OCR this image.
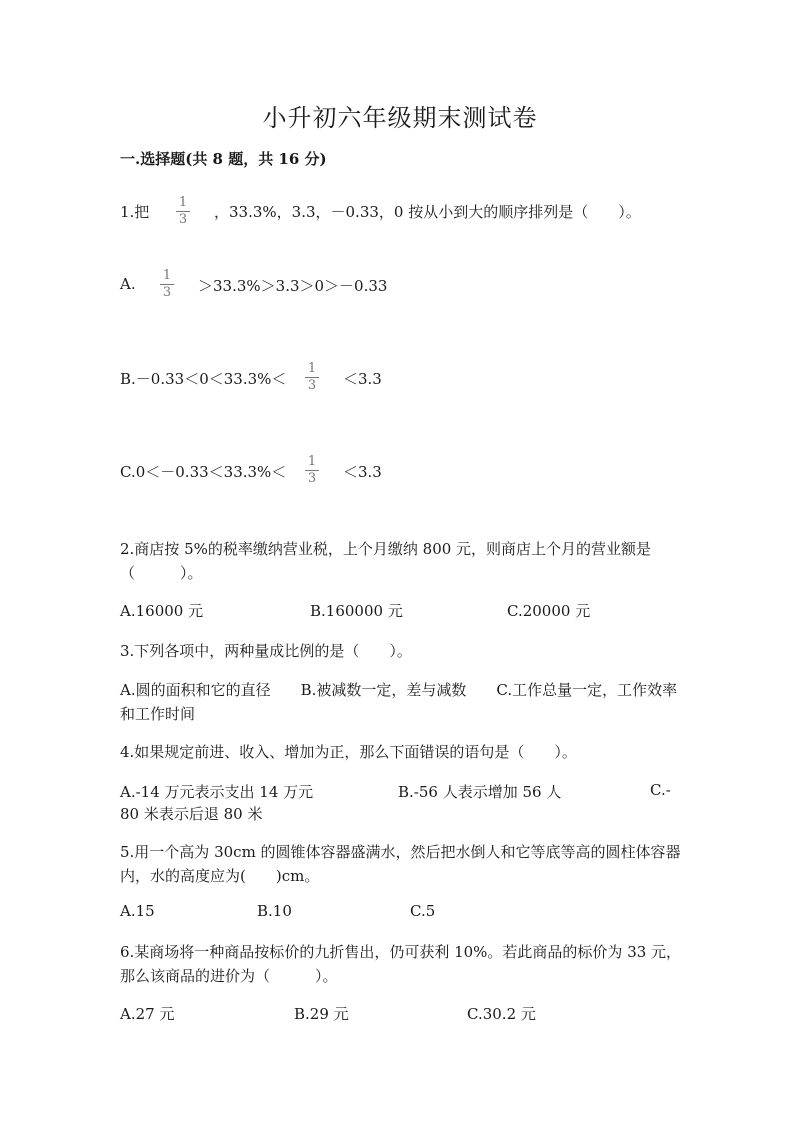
小升初六年级期末测试卷
一.选择题(共 8 题，共 16 分)
1.把
1
3 ，33.3%，3.3，－0.33，0 按从小到大的顺序排列是（　　）。
A. 1
3 ＞33.3%＞3.3＞0＞－0.33
B.－0.33＜0＜33.3%＜
1
3 ＜3.3
C.0＜－0.33＜33.3%＜
1
3 ＜3.3
2.商店按 5%的税率缴纳营业税，上个月缴纳 800 元，则商店上个月的营业额是（　　　）。
A.16000 元	B.160000 元	C.20000 元
3.下列各项中，两种量成比例的是（　　）。
A.圆的面积和它的直径　　B.被减数一定，差与减数　　C.工作总量一定，工作效率和工作时间
4.如果规定前进、收入、增加为正，那么下面错误的语句是（　　）。
A.-14 万元表示支出 14 万元	B.-56 人表示增加 56 人	C.-
80 米表示后退 80 米
5.用一个高为 30cm 的圆锥体容器盛满水，然后把水倒人和它等底等高的圆柱体容器内，水的高度应为(　　)cm。
A.15	B.10	C.5
6.某商场将一种商品按标价的九折售出，仍可获利 10%。若此商品的标价为 33 元，那么该商品的进价为（　　　）。
A.27 元	B.29 元	C.30.2 元
